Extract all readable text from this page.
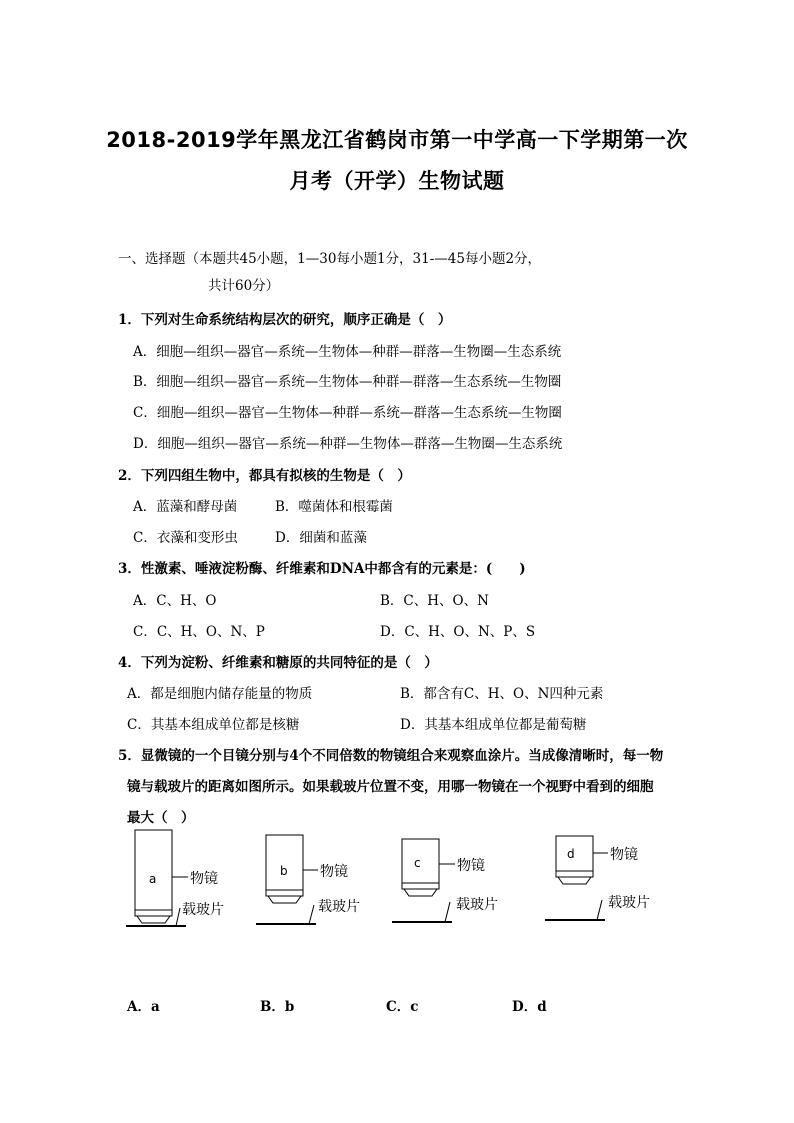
2018-2019学年黑龙江省鹤岗市第一中学高一下学期第一次
月考（开学）生物试题
一、选择题（本题共45小题，1—30每小题1分，31-—45每小题2分，
共计60分）
1．下列对生命系统结构层次的研究，顺序正确是（　）
A．细胞—组织—器官—系统—生物体—种群—群落—生物圈—生态系统
B．细胞—组织—器官—系统—生物体—种群—群落—生态系统—生物圈
C．细胞—组织—器官—生物体—种群—系统—群落—生态系统—生物圈
D．细胞—组织—器官—系统—种群—生物体—群落—生物圈—生态系统
2．下列四组生物中，都具有拟核的生物是（　）
A．蓝藻和酵母菌	B．噬菌体和根霉菌
C．衣藻和变形虫	D．细菌和蓝藻
3．性激素、唾液淀粉酶、纤维素和DNA中都含有的元素是：(　　)
A．C、H、O	B．C、H、O、N
C．C、H、O、N、P	D．C、H、O、N、P、S
4．下列为淀粉、纤维素和糖原的共同特征的是（　）
A．都是细胞内储存能量的物质	B．都含有C、H、O、N四种元素
C．其基本组成单位都是核糖	D．其基本组成单位都是葡萄糖
5．显微镜的一个目镜分别与4个不同倍数的物镜组合来观察血涂片。当成像清晰时，每一物
镜与载玻片的距离如图所示。如果载玻片位置不变，用哪一物镜在一个视野中看到的细胞
最大（　）
a 物镜
载玻片
b 物镜
载玻片
c	物镜
载玻片
d	物镜
载玻片
A．a	B．b	C．c	D．d
